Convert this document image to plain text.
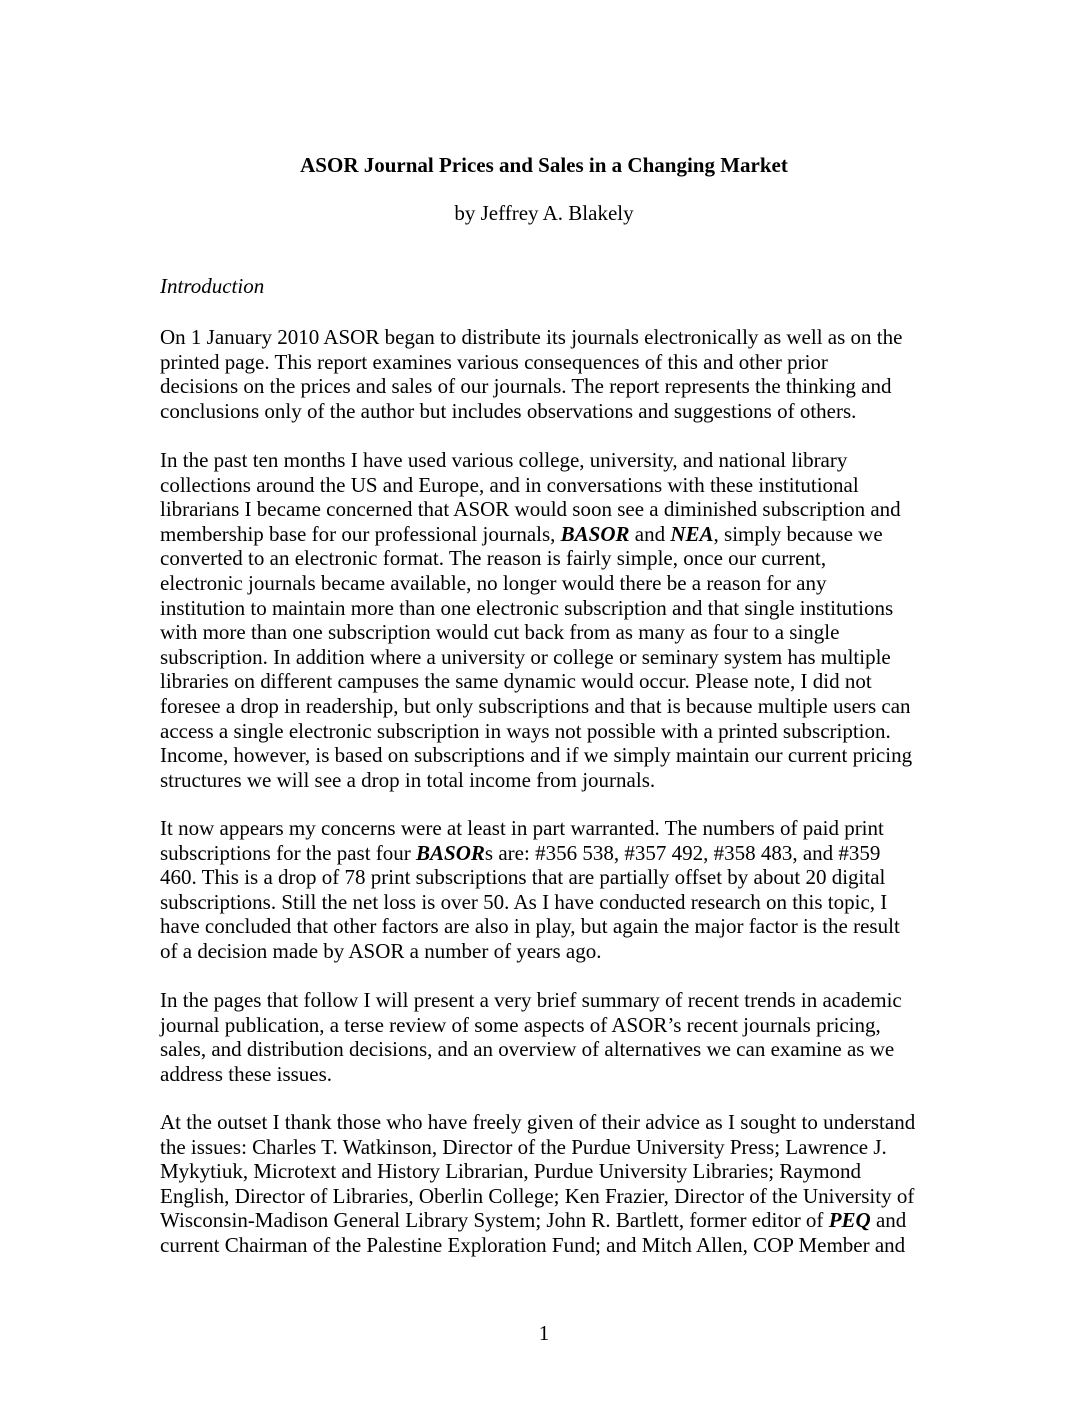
ASOR Journal Prices and Sales in a Changing Market
by Jeffrey A. Blakely
Introduction
On 1 January 2010 ASOR began to distribute its journals electronically as well as on the
printed page. This report examines various consequences of this and other prior
decisions on the prices and sales of our journals. The report represents the thinking and
conclusions only of the author but includes observations and suggestions of others.
In the past ten months I have used various college, university, and national library
collections around the US and Europe, and in conversations with these institutional
librarians I became concerned that ASOR would soon see a diminished subscription and
membership base for our professional journals, BASOR and NEA, simply because we
converted to an electronic format. The reason is fairly simple, once our current,
electronic journals became available, no longer would there be a reason for any
institution to maintain more than one electronic subscription and that single institutions
with more than one subscription would cut back from as many as four to a single
subscription. In addition where a university or college or seminary system has multiple
libraries on different campuses the same dynamic would occur. Please note, I did not
foresee a drop in readership, but only subscriptions and that is because multiple users can
access a single electronic subscription in ways not possible with a printed subscription.
Income, however, is based on subscriptions and if we simply maintain our current pricing
structures we will see a drop in total income from journals.
It now appears my concerns were at least in part warranted. The numbers of paid print
subscriptions for the past four BASORs are: #356 538, #357 492, #358 483, and #359
460. This is a drop of 78 print subscriptions that are partially offset by about 20 digital
subscriptions. Still the net loss is over 50. As I have conducted research on this topic, I
have concluded that other factors are also in play, but again the major factor is the result
of a decision made by ASOR a number of years ago.
In the pages that follow I will present a very brief summary of recent trends in academic
journal publication, a terse review of some aspects of ASOR’s recent journals pricing,
sales, and distribution decisions, and an overview of alternatives we can examine as we
address these issues.
At the outset I thank those who have freely given of their advice as I sought to understand
the issues: Charles T. Watkinson, Director of the Purdue University Press; Lawrence J.
Mykytiuk, Microtext and History Librarian, Purdue University Libraries; Raymond
English, Director of Libraries, Oberlin College; Ken Frazier, Director of the University of
Wisconsin-Madison General Library System; John R. Bartlett, former editor of PEQ and
current Chairman of the Palestine Exploration Fund; and Mitch Allen, COP Member and
1
